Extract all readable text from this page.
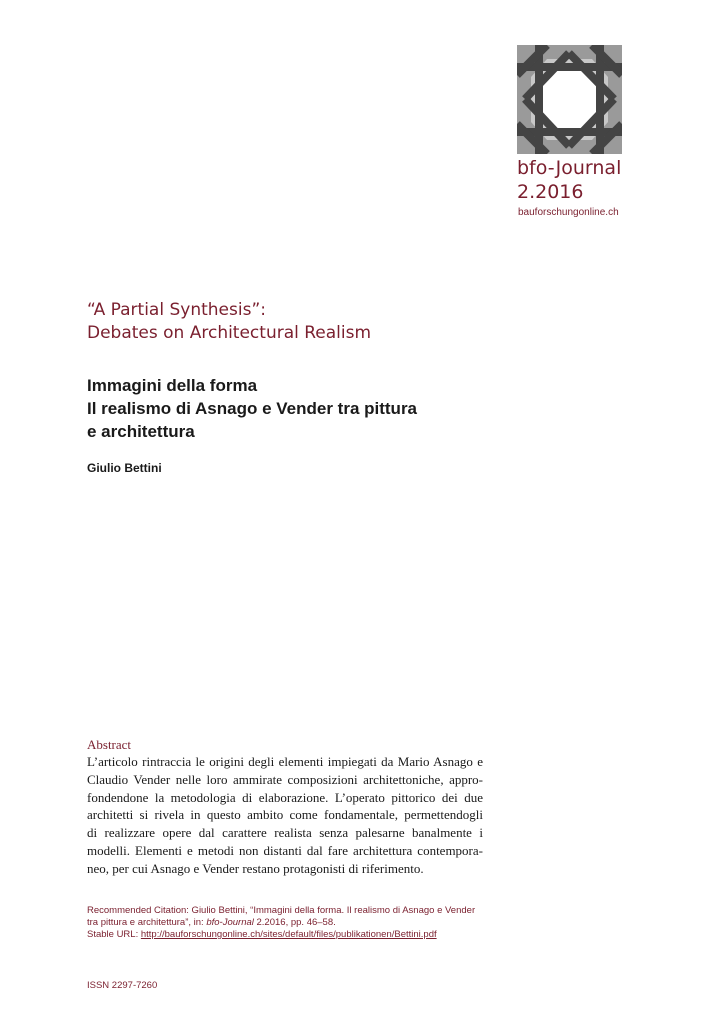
bfo-Journal
2.2016
bauforschungonline.ch
“A Partial Synthesis”:
Debates on Architectural Realism
Immagini della forma
Il realismo di Asnago e Vender tra pittura
e architettura
Giulio Bettini
Abstract
L’articolo rintraccia le origini degli elementi impiegati da Mario Asnago e
Claudio Vender nelle loro ammirate composizioni architettoniche, appro-
fondendone la metodologia di elaborazione. L’operato pittorico dei due
architetti si rivela in questo ambito come fondamentale, permettendogli
di realizzare opere dal carattere realista senza palesarne banalmente i
modelli. Elementi e metodi non distanti dal fare architettura contempora-
neo, per cui Asnago e Vender restano protagonisti di riferimento.
Recommended Citation: Giulio Bettini, “Immagini della forma. Il realismo di Asnago e Vender
tra pittura e architettura”, in: bfo-Journal 2.2016, pp. 46–58.
Stable URL: http://bauforschungonline.ch/sites/default/files/publikationen/Bettini.pdf
ISSN 2297-7260
